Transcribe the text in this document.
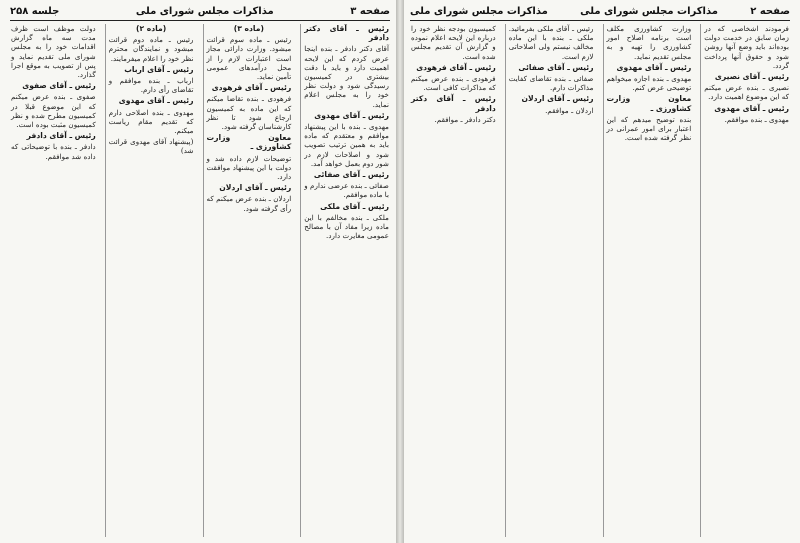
صفحه ۳
مذاکرات مجلس شورای ملی
جلسه ۲۵۸

رئیس ـ آقای دکتر دادفر

آقای دکتر دادفر ـ بنده اینجا عرض کردم که این لایحه اهمیت دارد و باید با دقت بیشتری در کمیسیون رسیدگی شود و دولت نظر خود را به مجلس اعلام نماید.

رئیس ـ آقای مهدوی

مهدوی ـ بنده با این پیشنهاد موافقم و معتقدم که ماده باید به همین ترتیب تصویب شود و اصلاحات لازم در شور دوم بعمل خواهد آمد.

رئیس ـ آقای صفائی

صفائی ـ بنده عرضی ندارم و با ماده موافقم.

رئیس ـ آقای ملکی

ملکی ـ بنده مخالفم با این ماده زیرا مفاد آن با مصالح عمومی مغایرت دارد.

(ماده ۳)

رئیس ـ ماده سوم قرائت میشود. وزارت دارائی مجاز است اعتبارات لازم را از محل درآمدهای عمومی تأمین نماید.

رئیس ـ آقای فرهودی

فرهودی ـ بنده تقاضا میکنم که این ماده به کمیسیون ارجاع شود تا نظر کارشناسان گرفته شود.

معاون وزارت کشاورزی ـ

توضیحات لازم داده شد و دولت با این پیشنهاد موافقت دارد.

رئیس ـ آقای اردلان

اردلان ـ بنده عرض میکنم که رأی گرفته شود.

(ماده ۲)

رئیس ـ ماده دوم قرائت میشود و نمایندگان محترم نظر خود را اعلام میفرمایند.

رئیس ـ آقای ارباب

ارباب ـ بنده موافقم و تقاضای رأی دارم.

رئیس ـ آقای مهدوی

مهدوی ـ بنده اصلاحی دارم که تقدیم مقام ریاست میکنم.

(پیشنهاد آقای مهدوی قرائت شد)

دولت موظف است ظرف مدت سه ماه گزارش اقدامات خود را به مجلس شورای ملی تقدیم نماید و پس از تصویب به موقع اجرا گذارد.

رئیس ـ آقای صفوی

صفوی ـ بنده عرض میکنم که این موضوع قبلا در کمیسیون مطرح شده و نظر کمیسیون مثبت بوده است.

رئیس ـ آقای دادفر

دادفر ـ بنده با توضیحاتی که داده شد موافقم.

صفحه ۲
مذاکرات مجلس شورای ملی
مذاکرات مجلس شورای ملی

فرمودند اشخاصی که در زمان سابق در خدمت دولت بوده‌اند باید وضع آنها روشن شود و حقوق آنها پرداخت گردد.

رئیس ـ آقای نصیری

نصیری ـ بنده عرض میکنم که این موضوع اهمیت دارد.

رئیس ـ آقای مهدوی

مهدوی ـ بنده موافقم.

وزارت کشاورزی مکلف است برنامه اصلاح امور کشاورزی را تهیه و به مجلس تقدیم نماید.

رئیس ـ آقای مهدوی

مهدوی ـ بنده اجازه میخواهم توضیحی عرض کنم.

معاون وزارت کشاورزی ـ

بنده توضیح میدهم که این اعتبار برای امور عمرانی در نظر گرفته شده است.

رئیس ـ آقای ملکی بفرمائید. ملکی ـ بنده با این ماده مخالف نیستم ولی اصلاحاتی لازم است.

رئیس ـ آقای صفائی

صفائی ـ بنده تقاضای کفایت مذاکرات دارم.

رئیس ـ آقای اردلان

اردلان ـ موافقم.

کمیسیون بودجه نظر خود را درباره این لایحه اعلام نموده و گزارش آن تقدیم مجلس شده است.

رئیس ـ آقای فرهودی

فرهودی ـ بنده عرض میکنم که مذاکرات کافی است.

رئیس ـ آقای دکتر دادفر

دکتر دادفر ـ موافقم.
